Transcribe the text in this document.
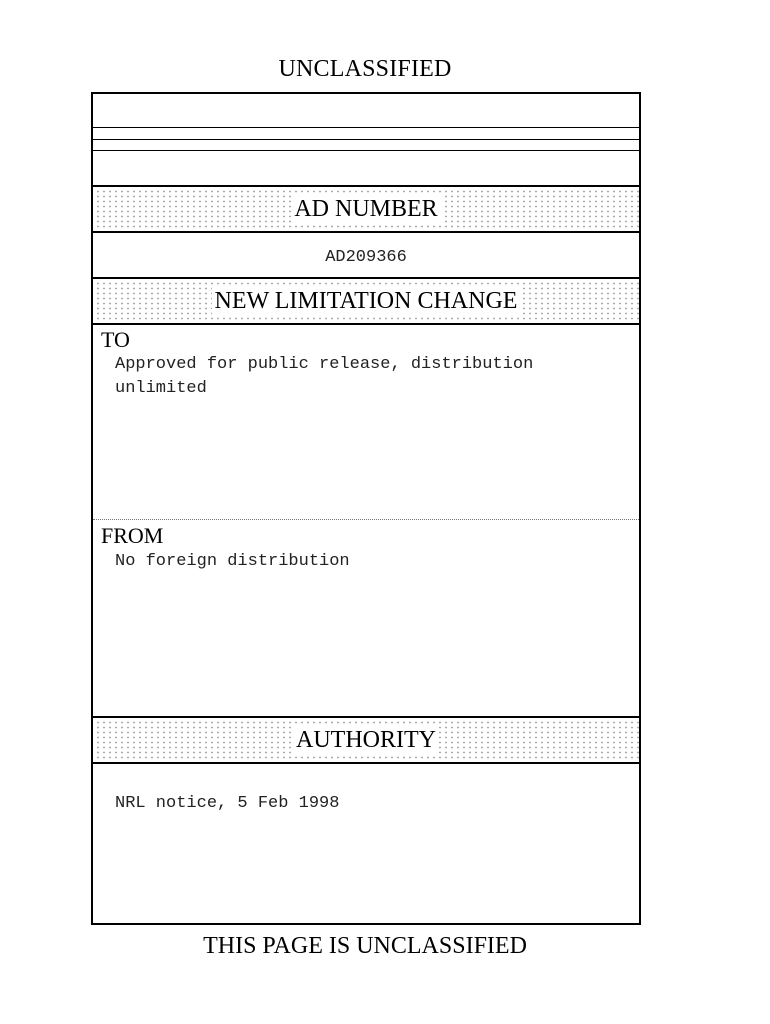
UNCLASSIFIED
AD NUMBER
AD209366
NEW LIMITATION CHANGE
TO
Approved for public release, distribution unlimited
FROM
No foreign distribution
AUTHORITY
NRL notice, 5 Feb 1998
THIS PAGE IS UNCLASSIFIED
